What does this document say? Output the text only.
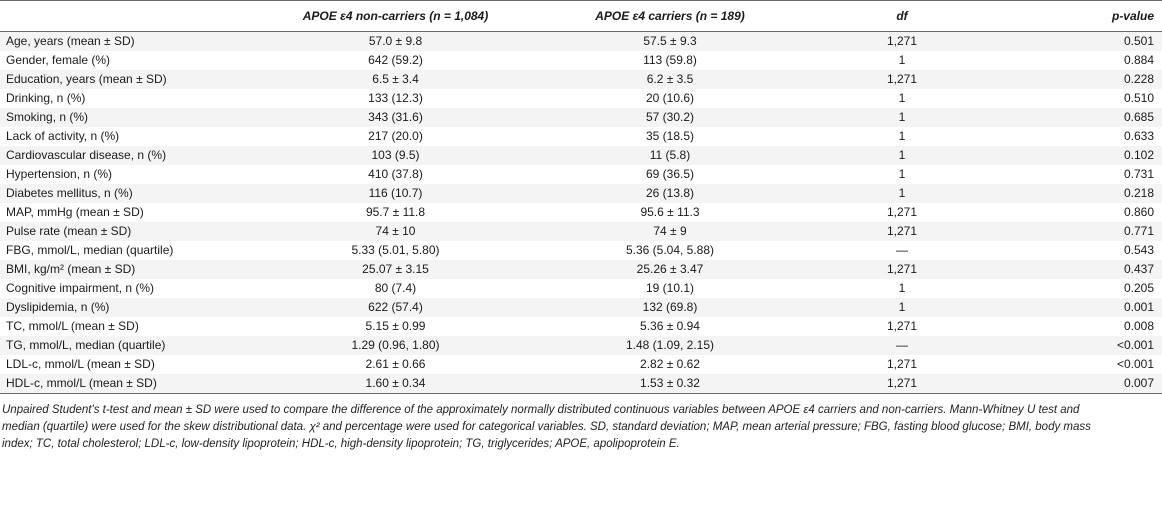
	APOE ε4 non-carriers (n = 1,084)	APOE ε4 carriers (n = 189)	df	p-value
Age, years (mean ± SD)	57.0 ± 9.8	57.5 ± 9.3	1,271	0.501
Gender, female (%)	642 (59.2)	113 (59.8)	1	0.884
Education, years (mean ± SD)	6.5 ± 3.4	6.2 ± 3.5	1,271	0.228
Drinking, n (%)	133 (12.3)	20 (10.6)	1	0.510
Smoking, n (%)	343 (31.6)	57 (30.2)	1	0.685
Lack of activity, n (%)	217 (20.0)	35 (18.5)	1	0.633
Cardiovascular disease, n (%)	103 (9.5)	11 (5.8)	1	0.102
Hypertension, n (%)	410 (37.8)	69 (36.5)	1	0.731
Diabetes mellitus, n (%)	116 (10.7)	26 (13.8)	1	0.218
MAP, mmHg (mean ± SD)	95.7 ± 11.8	95.6 ± 11.3	1,271	0.860
Pulse rate (mean ± SD)	74 ± 10	74 ± 9	1,271	0.771
FBG, mmol/L, median (quartile)	5.33 (5.01, 5.80)	5.36 (5.04, 5.88)	—	0.543
BMI, kg/m² (mean ± SD)	25.07 ± 3.15	25.26 ± 3.47	1,271	0.437
Cognitive impairment, n (%)	80 (7.4)	19 (10.1)	1	0.205
Dyslipidemia, n (%)	622 (57.4)	132 (69.8)	1	0.001
TC, mmol/L (mean ± SD)	5.15 ± 0.99	5.36 ± 0.94	1,271	0.008
TG, mmol/L, median (quartile)	1.29 (0.96, 1.80)	1.48 (1.09, 2.15)	—	<0.001
LDL-c, mmol/L (mean ± SD)	2.61 ± 0.66	2.82 ± 0.62	1,271	<0.001
HDL-c, mmol/L (mean ± SD)	1.60 ± 0.34	1.53 ± 0.32	1,271	0.007
Unpaired Student's t-test and mean ± SD were used to compare the difference of the approximately normally distributed continuous variables between APOE ε4 carriers and non-carriers. Mann-Whitney U test and median (quartile) were used for the skew distributional data. χ² and percentage were used for categorical variables. SD, standard deviation; MAP, mean arterial pressure; FBG, fasting blood glucose; BMI, body mass index; TC, total cholesterol; LDL-c, low-density lipoprotein; HDL-c, high-density lipoprotein; TG, triglycerides; APOE, apolipoprotein E.
